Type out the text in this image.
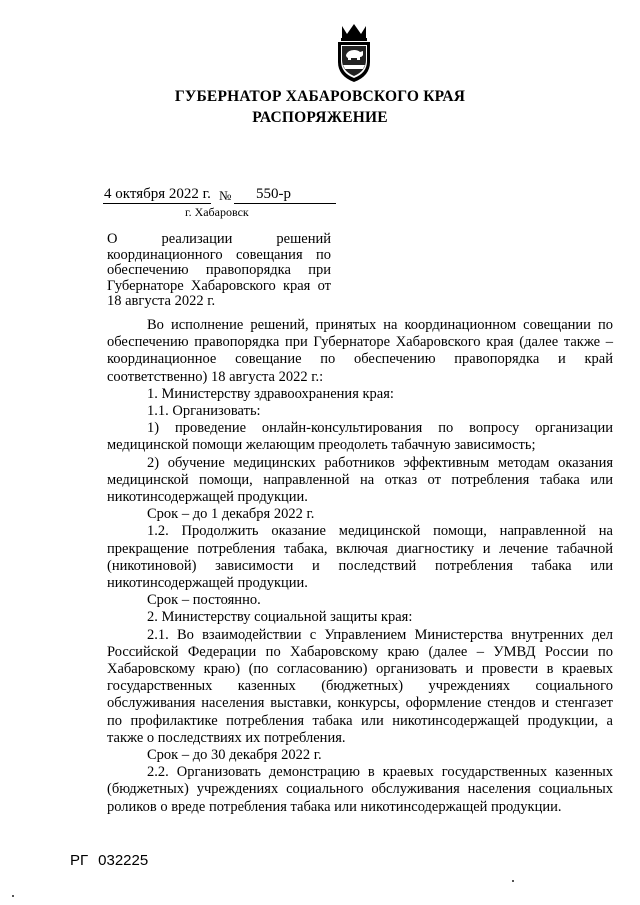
ГУБЕРНАТОР ХАБАРОВСКОГО КРАЯ
РАСПОРЯЖЕНИЕ
4 октября 2022 г. № 550-р
г. Хабаровск
О реализации решений координационного совещания по обеспечению правопорядка при Губернаторе Хабаровского края от 18 августа 2022 г.

Во исполнение решений, принятых на координационном совещании по обеспечению правопорядка при Губернаторе Хабаровского края (далее также – координационное совещание по обеспечению правопорядка и край соответственно) 18 августа 2022 г.:

1. Министерству здравоохранения края:

1.1. Организовать:

1) проведение онлайн-консультирования по вопросу организации медицинской помощи желающим преодолеть табачную зависимость;

2) обучение медицинских работников эффективным методам оказания медицинской помощи, направленной на отказ от потребления табака или никотинсодержащей продукции.

Срок – до 1 декабря 2022 г.

1.2. Продолжить оказание медицинской помощи, направленной на прекращение потребления табака, включая диагностику и лечение табачной (никотиновой) зависимости и последствий потребления табака или никотинсодержащей продукции.

Срок – постоянно.

2. Министерству социальной защиты края:

2.1. Во взаимодействии с Управлением Министерства внутренних дел Российской Федерации по Хабаровскому краю (далее – УМВД России по Хабаровскому краю) (по согласованию) организовать и провести в краевых государственных казенных (бюджетных) учреждениях социального обслуживания населения выставки, конкурсы, оформление стендов и стенгазет по профилактике потребления табака или никотинсодержащей продукции, а также о последствиях их потребления.

Срок – до 30 декабря 2022 г.

2.2. Организовать демонстрацию в краевых государственных казенных (бюджетных) учреждениях социального обслуживания населения социальных роликов о вреде потребления табака или никотинсодержащей продукции.

РГ 032225
